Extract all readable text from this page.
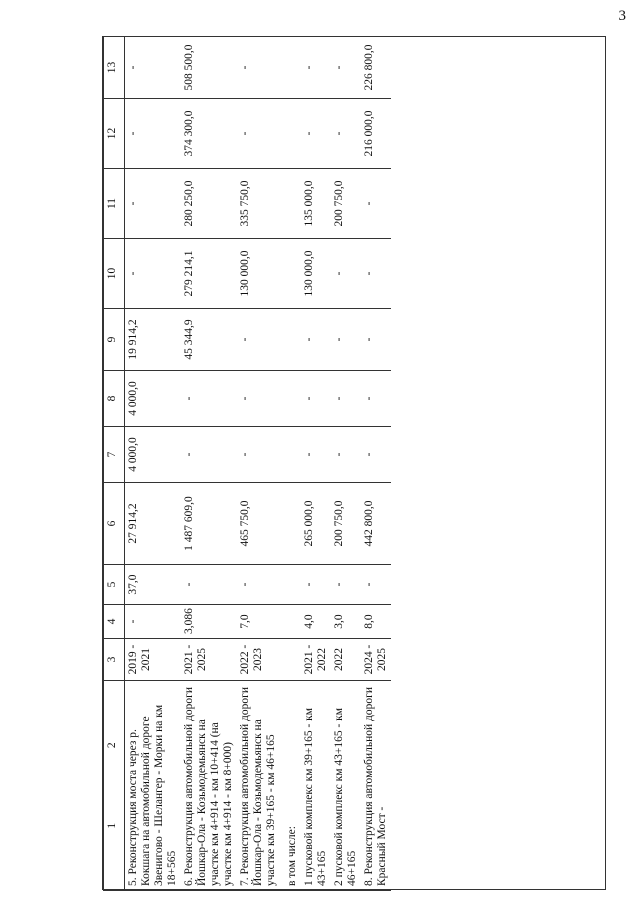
3
1                          2	3	4	5	6	7	8	9	10	11	12	13
5. Реконструкция моста через р. Кокшага на автомобильной дороге Звенигово - Шелангер - Морки на км 18+565	2019 - 2021	-	37,0	27 914,2	4 000,0	4 000,0	19 914,2	-	-	-	-
6. Реконструкция автомобильной дороги Йошкар-Ола - Козьмодемьянск на участке км 4+914 - км 10+414 (на участке км 4+914 - км 8+000)	2021 - 2025	3,086	-	1 487 609,0	-	-	45 344,9	279 214,1	280 250,0	374 300,0	508 500,0
7. Реконструкция автомобильной дороги Йошкар-Ола - Козьмодемьянск на участке км 39+165 - км 46+165	2022 - 2023	7,0	-	465 750,0	-	-	-	130 000,0	335 750,0	-	-
в том числе:											
1 пусковой комплекс км 39+165 - км 43+165	2021 - 2022	4,0	-	265 000,0	-	-	-	130 000,0	135 000,0	-	-
2 пусковой комплекс км 43+165 - км 46+165	2022	3,0	-	200 750,0	-	-	-	-	200 750,0	-	-
8. Реконструкция автомобильной дороги Красный Мост -	2024 - 2025	8,0	-	442 800,0	-	-	-	-	-	216 000,0	226 800,0
